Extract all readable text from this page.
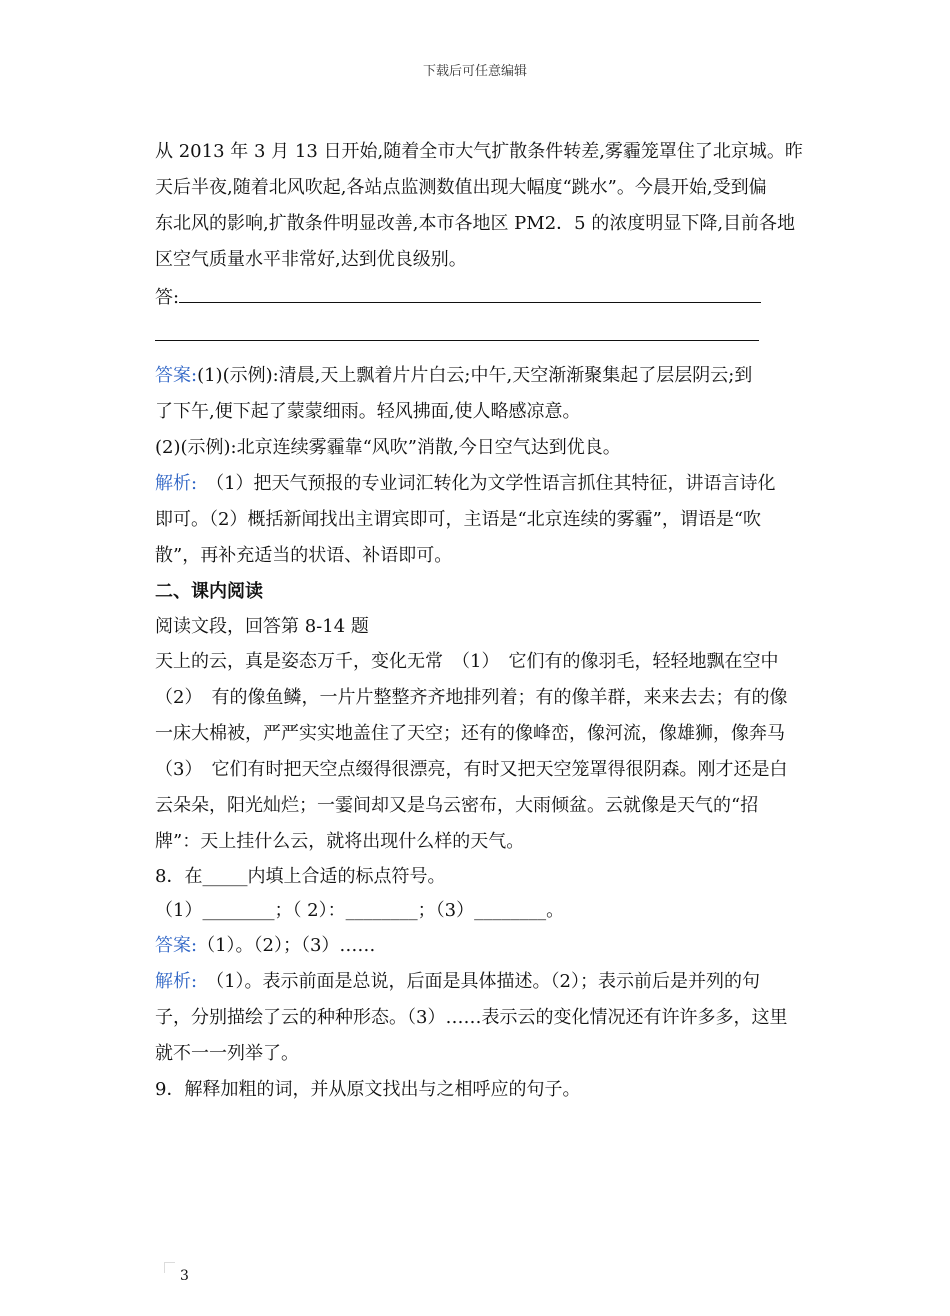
下载后可任意编辑
从 2013 年 3 月 13 日开始,随着全市大气扩散条件转差,雾霾笼罩住了北京城。昨
天后半夜,随着北风吹起,各站点监测数值出现大幅度“跳水”。今晨开始,受到偏
东北风的影响,扩散条件明显改善,本市各地区 PM2．5 的浓度明显下降,目前各地
区空气质量水平非常好,达到优良级别。
答:
答案:(1)(示例):清晨,天上飘着片片白云;中午,天空渐渐聚集起了层层阴云;到
了下午,便下起了蒙蒙细雨。轻风拂面,使人略感凉意。
(2)(示例):北京连续雾霾靠“风吹”消散,今日空气达到优良。
解析:　（1）把天气预报的专业词汇转化为文学性语言抓住其特征，讲语言诗化
即可。（2）概括新闻找出主谓宾即可，主语是“北京连续的雾霾”，谓语是“吹
散”，再补充适当的状语、补语即可。
二、课内阅读
阅读文段，回答第 8-14 题
天上的云，真是姿态万千，变化无常　（1）　它们有的像羽毛，轻轻地飘在空中
（2）　有的像鱼鳞，一片片整整齐齐地排列着；有的像羊群，来来去去；有的像
一床大棉被，严严实实地盖住了天空；还有的像峰峦，像河流，像雄狮，像奔马
（3）　它们有时把天空点缀得很漂亮，有时又把天空笼罩得很阴森。刚才还是白
云朵朵，阳光灿烂；一霎间却又是乌云密布，大雨倾盆。云就像是天气的“招
牌”：天上挂什么云，就将出现什么样的天气。
8．在_____内填上合适的标点符号。
（1）________；（ 2）：________；（3）________。
答案:（1）。（2）；（3）……
解析:　（1）。表示前面是总说，后面是具体描述。（2）；表示前后是并列的句
子，分别描绘了云的种种形态。（3）……表示云的变化情况还有许许多多，这里
就不一一列举了。
9．解释加粗的词，并从原文找出与之相呼应的句子。
3
